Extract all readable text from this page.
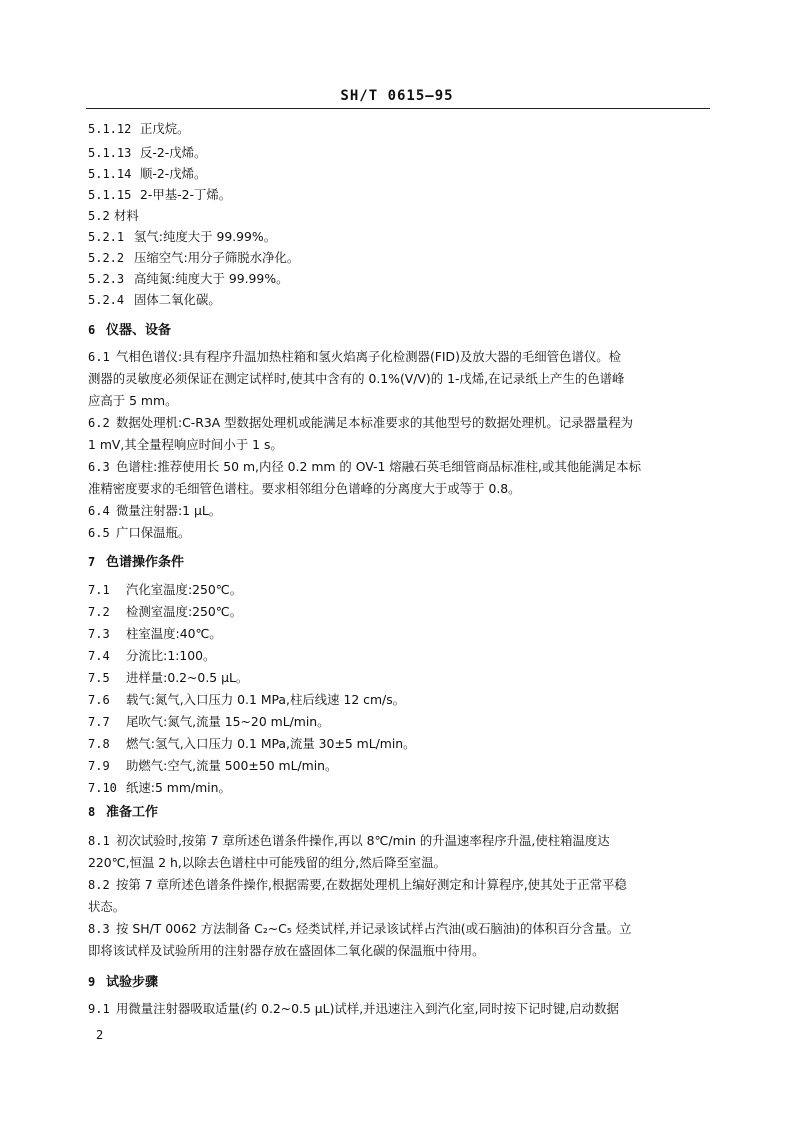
SH/T 0615—95
5.1.12 正戊烷。
5.1.13 反-2-戊烯。
5.1.14 顺-2-戊烯。
5.1.15 2-甲基-2-丁烯。
5.2 材料
5.2.1 氢气:纯度大于 99.99%。
5.2.2 压缩空气:用分子筛脱水净化。
5.2.3 高纯氮:纯度大于 99.99%。
5.2.4 固体二氧化碳。
6 仪器、设备
6.1 气相色谱仪:具有程序升温加热柱箱和氢火焰离子化检测器(FID)及放大器的毛细管色谱仪。检
测器的灵敏度必须保证在测定试样时,使其中含有的 0.1%(V/V)的 1-戊烯,在记录纸上产生的色谱峰
应高于 5 mm。
6.2 数据处理机:C-R3A 型数据处理机或能满足本标准要求的其他型号的数据处理机。记录器量程为
1 mV,其全量程响应时间小于 1 s。
6.3 色谱柱:推荐使用长 50 m,内径 0.2 mm 的 OV-1 熔融石英毛细管商品标准柱,或其他能满足本标
准精密度要求的毛细管色谱柱。要求相邻组分色谱峰的分离度大于或等于 0.8。
6.4 微量注射器:1 μL。
6.5 广口保温瓶。
7 色谱操作条件
7.1 汽化室温度:250℃。
7.2 检测室温度:250℃。
7.3 柱室温度:40℃。
7.4 分流比:1:100。
7.5 进样量:0.2~0.5 μL。
7.6 载气:氮气,入口压力 0.1 MPa,柱后线速 12 cm/s。
7.7 尾吹气:氮气,流量 15~20 mL/min。
7.8 燃气:氢气,入口压力 0.1 MPa,流量 30±5 mL/min。
7.9 助燃气:空气,流量 500±50 mL/min。
7.10 纸速:5 mm/min。
8 准备工作
8.1 初次试验时,按第 7 章所述色谱条件操作,再以 8℃/min 的升温速率程序升温,使柱箱温度达
220℃,恒温 2 h,以除去色谱柱中可能残留的组分,然后降至室温。
8.2 按第 7 章所述色谱条件操作,根据需要,在数据处理机上编好测定和计算程序,使其处于正常平稳
状态。
8.3 按 SH/T 0062 方法制备 C₂~C₅ 烃类试样,并记录该试样占汽油(或石脑油)的体积百分含量。立
即将该试样及试验所用的注射器存放在盛固体二氧化碳的保温瓶中待用。
9 试验步骤
9.1 用微量注射器吸取适量(约 0.2~0.5 μL)试样,并迅速注入到汽化室,同时按下记时键,启动数据
2
